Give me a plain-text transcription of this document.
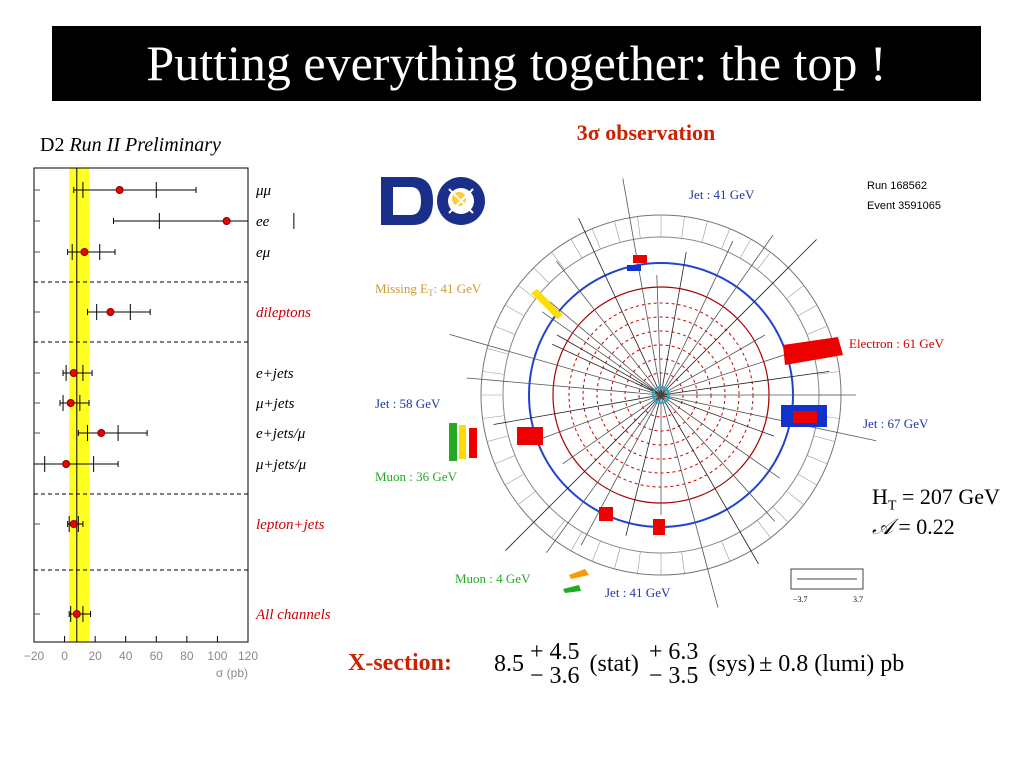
Putting everything together: the top !
3σ observation
D2 Run II Preliminary
−20 0 20 40 60 80 100 120
σ (pb)
μμ
ee
eμ
dileptons
e+jets
μ+jets
e+jets/μ
μ+jets/μ
lepton+jets
All channels
Run 168562
Event 3591065
Jet : 41 GeV
Missing $E_T$: 41 GeV
Electron : 61 GeV
Jet : 58 GeV
Jet : 67 GeV
Muon : 36 GeV
Muon : 4 GeV
Jet : 41 GeV	−3.7	3.7
$H_T = 207$ GeV
𝒜 = 0.22
X-section: 8.5 + 4.5
− 3.6 (stat) + 6.3
− 3.5 (sys) ± 0.8 (lumi) pb
